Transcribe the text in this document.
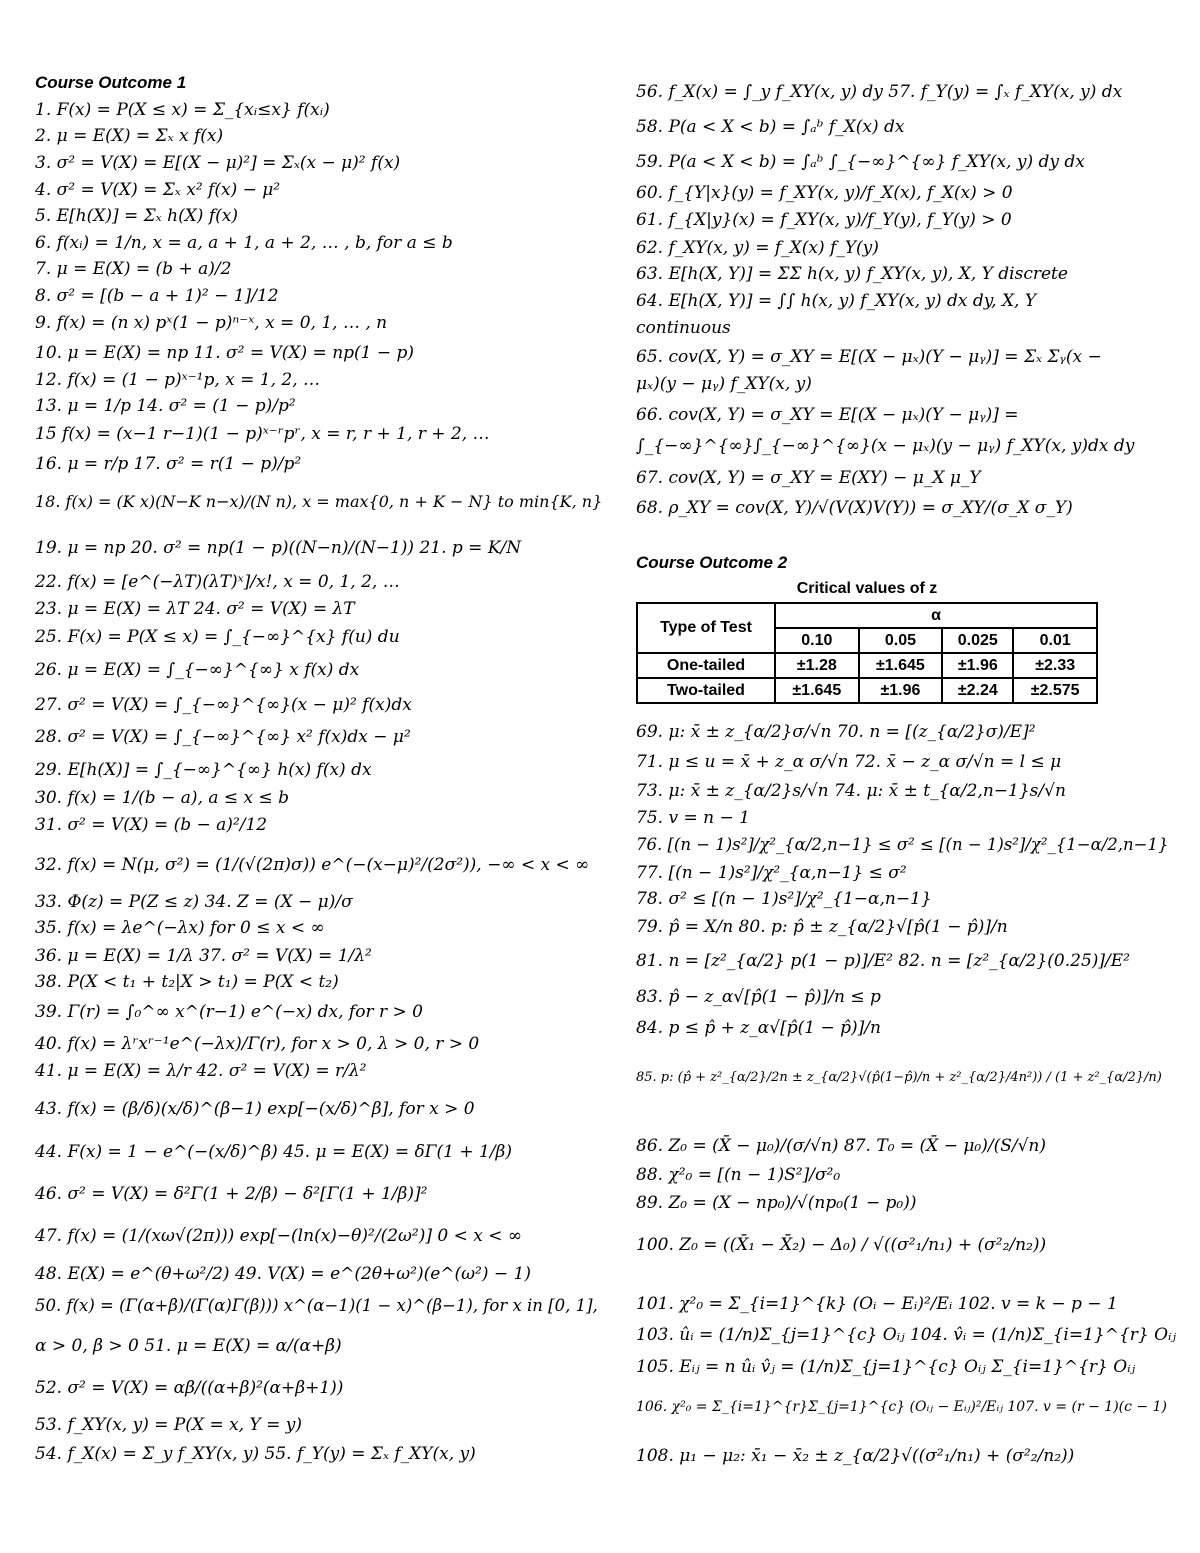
Course Outcome 1
1. F(x) = P(X ≤ x) = Σ_{xᵢ≤x} f(xᵢ)
2. μ = E(X) = Σₓ x f(x)
3. σ² = V(X) = E[(X − μ)²] = Σₓ(x − μ)² f(x)
4. σ² = V(X) = Σₓ x² f(x) − μ²
5. E[h(X)] = Σₓ h(X) f(x)
6. f(xᵢ) = 1/n, x = a, a + 1, a + 2, … , b, for a ≤ b
7. μ = E(X) = (b + a)/2
8. σ² = [(b − a + 1)² − 1]/12
9. f(x) = (n x) pˣ(1 − p)ⁿ⁻ˣ, x = 0, 1, … , n
10. μ = E(X) = np 11. σ² = V(X) = np(1 − p)
12. f(x) = (1 − p)ˣ⁻¹p, x = 1, 2, …
13. μ = 1/p 14. σ² = (1 − p)/p²
15 f(x) = (x−1 r−1)(1 − p)ˣ⁻ʳpʳ, x = r, r + 1, r + 2, …
16. μ = r/p 17. σ² = r(1 − p)/p²
18. f(x) = (K x)(N−K n−x)/(N n), x = max{0, n + K − N} to min{K, n}
19. μ = np 20. σ² = np(1 − p)((N−n)/(N−1)) 21. p = K/N
22. f(x) = [e^(−λT)(λT)ˣ]/x!, x = 0, 1, 2, …
23. μ = E(X) = λT 24. σ² = V(X) = λT
25. F(x) = P(X ≤ x) = ∫_{−∞}^{x} f(u) du
26. μ = E(X) = ∫_{−∞}^{∞} x f(x) dx
27. σ² = V(X) = ∫_{−∞}^{∞}(x − μ)² f(x)dx
28. σ² = V(X) = ∫_{−∞}^{∞} x² f(x)dx − μ²
29. E[h(X)] = ∫_{−∞}^{∞} h(x) f(x) dx
30. f(x) = 1/(b − a), a ≤ x ≤ b
31. σ² = V(X) = (b − a)²/12
32. f(x) = N(μ, σ²) = (1/(√(2π)σ)) e^(−(x−μ)²/(2σ²)), −∞ < x < ∞
33. Φ(z) = P(Z ≤ z) 34. Z = (X − μ)/σ
35. f(x) = λe^(−λx) for 0 ≤ x < ∞
36. μ = E(X) = 1/λ 37. σ² = V(X) = 1/λ²
38. P(X < t₁ + t₂|X > t₁) = P(X < t₂)
39. Γ(r) = ∫₀^∞ x^(r−1) e^(−x) dx, for r > 0
40. f(x) = λʳxʳ⁻¹e^(−λx)/Γ(r), for x > 0, λ > 0, r > 0
41. μ = E(X) = λ/r 42. σ² = V(X) = r/λ²
43. f(x) = (β/δ)(x/δ)^(β−1) exp[−(x/δ)^β], for x > 0
44. F(x) = 1 − e^(−(x/δ)^β) 45. μ = E(X) = δΓ(1 + 1/β)
46. σ² = V(X) = δ²Γ(1 + 2/β) − δ²[Γ(1 + 1/β)]²
47. f(x) = (1/(xω√(2π))) exp[−(ln(x)−θ)²/(2ω²)] 0 < x < ∞
48. E(X) = e^(θ+ω²/2) 49. V(X) = e^(2θ+ω²)(e^(ω²) − 1)
50. f(x) = (Γ(α+β)/(Γ(α)Γ(β))) x^(α−1)(1 − x)^(β−1), for x in [0, 1],
α > 0, β > 0 51. μ = E(X) = α/(α+β)
52. σ² = V(X) = αβ/((α+β)²(α+β+1))
53. f_XY(x, y) = P(X = x, Y = y)
54. f_X(x) = Σ_y f_XY(x, y) 55. f_Y(y) = Σₓ f_XY(x, y)
56. f_X(x) = ∫_y f_XY(x, y) dy 57. f_Y(y) = ∫ₓ f_XY(x, y) dx
58. P(a < X < b) = ∫ₐᵇ f_X(x) dx
59. P(a < X < b) = ∫ₐᵇ ∫_{−∞}^{∞} f_XY(x, y) dy dx
60. f_{Y|x}(y) = f_XY(x, y)/f_X(x), f_X(x) > 0
61. f_{X|y}(x) = f_XY(x, y)/f_Y(y), f_Y(y) > 0
62. f_XY(x, y) = f_X(x) f_Y(y)
63. E[h(X, Y)] = ΣΣ h(x, y) f_XY(x, y), X, Y discrete
64. E[h(X, Y)] = ∫∫ h(x, y) f_XY(x, y) dx dy, X, Y
continuous
65. cov(X, Y) = σ_XY = E[(X − μₓ)(Y − μᵧ)] = Σₓ Σᵧ(x −
μₓ)(y − μᵧ) f_XY(x, y)
66. cov(X, Y) = σ_XY = E[(X − μₓ)(Y − μᵧ)] =
∫_{−∞}^{∞}∫_{−∞}^{∞}(x − μₓ)(y − μᵧ) f_XY(x, y)dx dy
67. cov(X, Y) = σ_XY = E(XY) − μ_X μ_Y
68. ρ_XY = cov(X, Y)/√(V(X)V(Y)) = σ_XY/(σ_X σ_Y)
Course Outcome 2
Critical values of z
Type of Test	α			
	0.10	0.05	0.025	0.01
One-tailed	±1.28	±1.645	±1.96	±2.33
Two-tailed	±1.645	±1.96	±2.24	±2.575
69. μ: x̄ ± z_{α/2}σ/√n 70. n = [(z_{α/2}σ)/E]²
71. μ ≤ u = x̄ + z_α σ/√n 72. x̄ − z_α σ/√n = l ≤ μ
73. μ: x̄ ± z_{α/2}s/√n 74. μ: x̄ ± t_{α/2,n−1}s/√n
75. v = n − 1
76. [(n − 1)s²]/χ²_{α/2,n−1} ≤ σ² ≤ [(n − 1)s²]/χ²_{1−α/2,n−1}
77. [(n − 1)s²]/χ²_{α,n−1} ≤ σ²
78. σ² ≤ [(n − 1)s²]/χ²_{1−α,n−1}
79. p̂ = X/n 80. p: p̂ ± z_{α/2}√[p̂(1 − p̂)]/n
81. n = [z²_{α/2} p(1 − p)]/E² 82. n = [z²_{α/2}(0.25)]/E²
83. p̂ − z_α√[p̂(1 − p̂)]/n ≤ p
84. p ≤ p̂ + z_α√[p̂(1 − p̂)]/n
85. p: (p̂ + z²_{α/2}/2n ± z_{α/2}√(p̂(1−p̂)/n + z²_{α/2}/4n²)) / (1 + z²_{α/2}/n)
86. Z₀ = (X̄ − μ₀)/(σ/√n) 87. T₀ = (X̄ − μ₀)/(S/√n)
88. χ²₀ = [(n − 1)S²]/σ²₀
89. Z₀ = (X − np₀)/√(np₀(1 − p₀))
100. Z₀ = ((X̄₁ − X̄₂) − Δ₀) / √((σ²₁/n₁) + (σ²₂/n₂))
101. χ²₀ = Σ_{i=1}^{k} (Oᵢ − Eᵢ)²/Eᵢ 102. v = k − p − 1
103. ûᵢ = (1/n)Σ_{j=1}^{c} Oᵢⱼ 104. v̂ᵢ = (1/n)Σ_{i=1}^{r} Oᵢⱼ
105. Eᵢⱼ = n ûᵢ v̂ⱼ = (1/n)Σ_{j=1}^{c} Oᵢⱼ Σ_{i=1}^{r} Oᵢⱼ
106. χ²₀ = Σ_{i=1}^{r}Σ_{j=1}^{c} (Oᵢⱼ − Eᵢⱼ)²/Eᵢⱼ 107. v = (r − 1)(c − 1)
108. μ₁ − μ₂: x̄₁ − x̄₂ ± z_{α/2}√((σ²₁/n₁) + (σ²₂/n₂))
